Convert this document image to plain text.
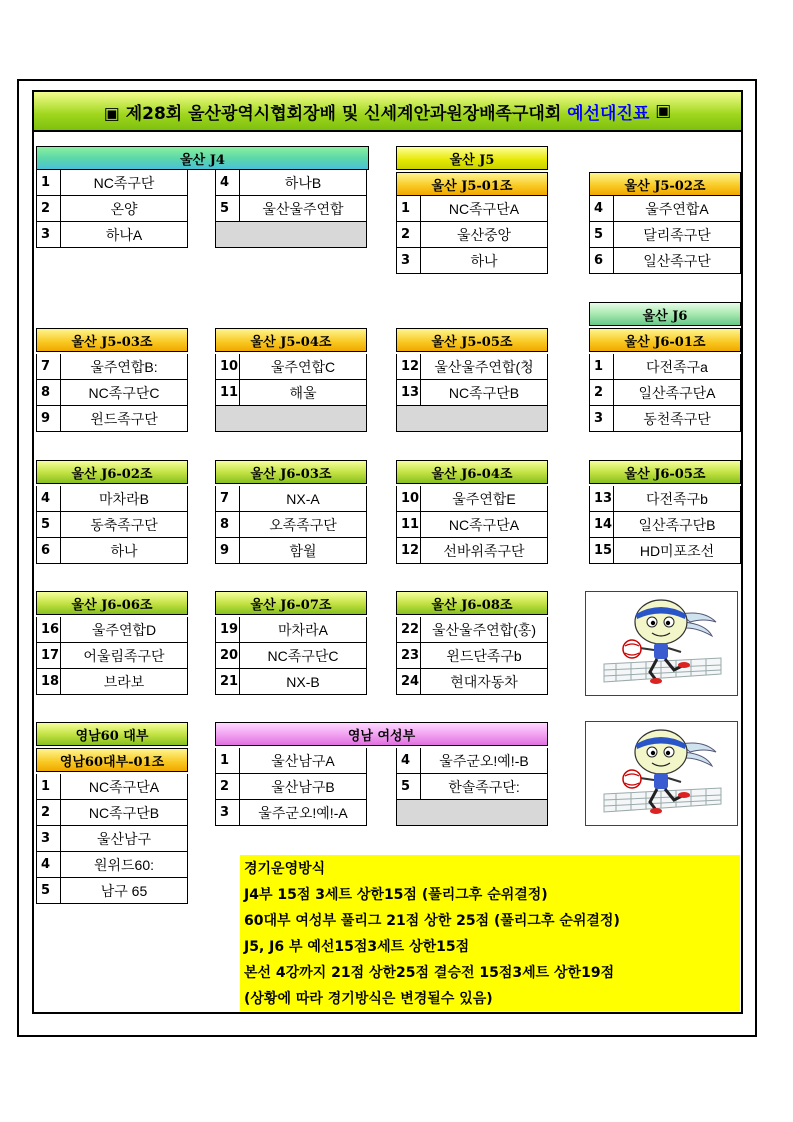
▣ 제28회 울산광역시협회장배 및 신세계안과원장배족구대회 예선대진표 ▣
울산 J4
1	NC족구단
2	온양
3	하나A
4	하나B
5	울산울주연합
울산 J5
울산 J5-01조
1	NC족구단A
2	울산중앙
3	하나
울산 J5-02조
4	울주연합A
5	달리족구단
6	일산족구단
울산 J6
울산 J5-03조
7	울주연합B:
8	NC족구단C
9	윈드족구단
울산 J5-04조
10	울주연합C
11	해울
울산 J5-05조
12	울산울주연합(청
13	NC족구단B
울산 J6-01조
1	다전족구a
2	일산족구단A
3	동천족구단
울산 J6-02조
4	마차라B
5	동축족구단
6	하나
울산 J6-03조
7	NX-A
8	오족족구단
9	함월
울산 J6-04조
10	울주연합E
11	NC족구단A
12	선바위족구단
울산 J6-05조
13	다전족구b
14	일산족구단B
15	HD미포조선
울산 J6-06조
16	울주연합D
17	어울림족구단
18	브라보
울산 J6-07조
19	마차라A
20	NC족구단C
21	NX-B
울산 J6-08조
22 울산울주연합(홍)
23	윈드단족구b
24	현대자동차
영남60 대부
영남60대부-01조
1	NC족구단A
2	NC족구단B
3	울산남구
4	원위드60:
5	남구 65
영남 여성부
1	울산남구A
2	울산남구B
3	울주군오!예!-A
4	울주군오!예!-B
5	한솔족구단:
경기운영방식
J4부 15점 3세트 상한15점 (풀리그후 순위결정)
60대부 여성부 풀리그 21점 상한 25점 (풀리그후 순위결정)
J5, J6 부 예선15점3세트 상한15점
본선 4강까지 21점 상한25점 결승전 15점3세트 상한19점
(상황에 따라 경기방식은 변경될수 있음)
